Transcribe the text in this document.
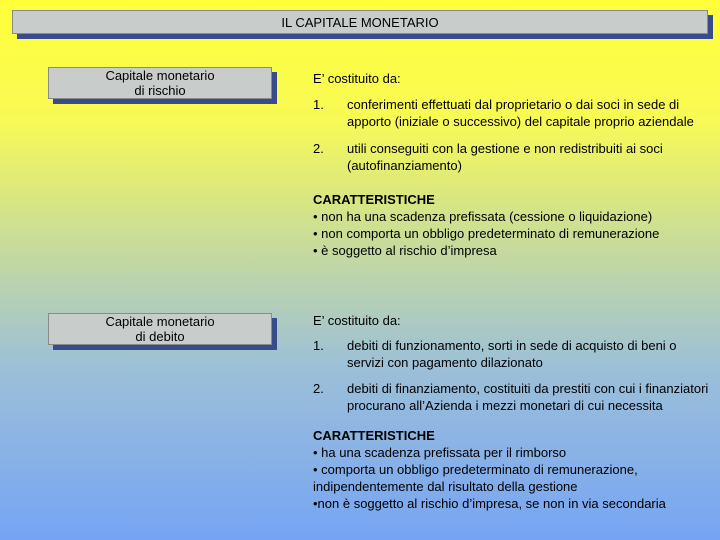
IL CAPITALE MONETARIO
Capitale monetario
di rischio

E’ costituito da:

1. conferimenti effettuati dal proprietario o dai soci in sede di apporto (iniziale o successivo) del capitale proprio aziendale
2. utili conseguiti con la gestione e non redistribuiti ai soci (autofinanziamento)
CARATTERISTICHE
• non ha una scadenza prefissata (cessione o liquidazione)
• non comporta un obbligo predeterminato di remunerazione
• è soggetto al rischio d’impresa
Capitale monetario
di debito

E’ costituito da:

1. debiti di funzionamento, sorti in sede di acquisto di beni o servizi con pagamento dilazionato
2. debiti di finanziamento, costituiti da prestiti con cui i finanziatori procurano all’Azienda i mezzi monetari di cui necessita
CARATTERISTICHE
• ha una scadenza prefissata per il rimborso
• comporta un obbligo predeterminato di remunerazione, indipendentemente dal risultato della gestione
•non è soggetto al rischio d’impresa, se non in via secondaria
